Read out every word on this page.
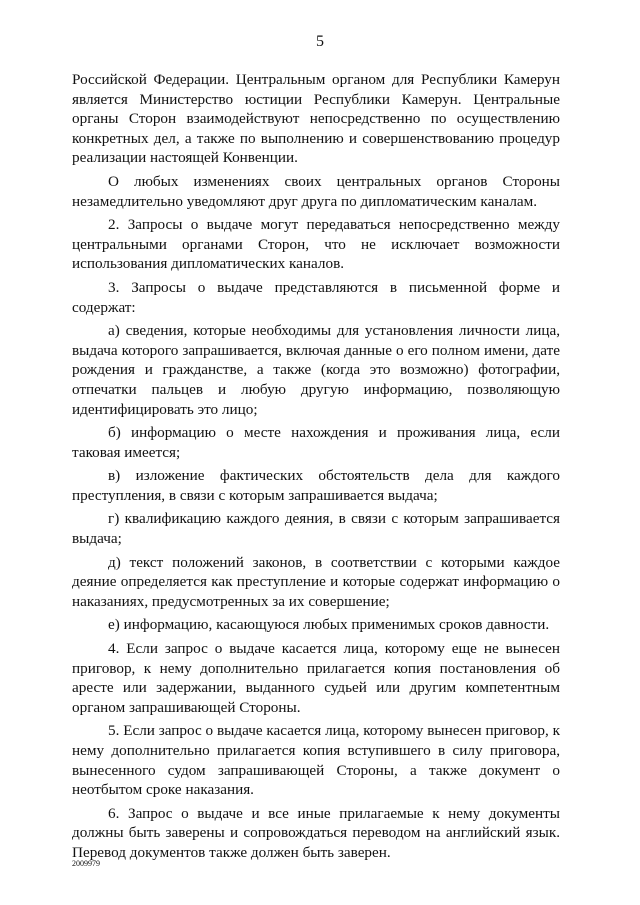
5

Российской Федерации. Центральным органом для Республики Камерун является Министерство юстиции Республики Камерун. Центральные органы Сторон взаимодействуют непосредственно по осуществлению конкретных дел, а также по выполнению и совершенствованию процедур реализации настоящей Конвенции.

О любых изменениях своих центральных органов Стороны незамедлительно уведомляют друг друга по дипломатическим каналам.

2. Запросы о выдаче могут передаваться непосредственно между центральными органами Сторон, что не исключает возможности использования дипломатических каналов.

3. Запросы о выдаче представляются в письменной форме и содержат:

а) сведения, которые необходимы для установления личности лица, выдача которого запрашивается, включая данные о его полном имени, дате рождения и гражданстве, а также (когда это возможно) фотографии, отпечатки пальцев и любую другую информацию, позволяющую идентифицировать это лицо;

б) информацию о месте нахождения и проживания лица, если таковая имеется;

в) изложение фактических обстоятельств дела для каждого преступления, в связи с которым запрашивается выдача;

г) квалификацию каждого деяния, в связи с которым запрашивается выдача;

д) текст положений законов, в соответствии с которыми каждое деяние определяется как преступление и которые содержат информацию о наказаниях, предусмотренных за их совершение;

е) информацию, касающуюся любых применимых сроков давности.

4. Если запрос о выдаче касается лица, которому еще не вынесен приговор, к нему дополнительно прилагается копия постановления об аресте или задержании, выданного судьей или другим компетентным органом запрашивающей Стороны.

5. Если запрос о выдаче касается лица, которому вынесен приговор, к нему дополнительно прилагается копия вступившего в силу приговора, вынесенного судом запрашивающей Стороны, а также документ о неотбытом сроке наказания.

6. Запрос о выдаче и все иные прилагаемые к нему документы должны быть заверены и сопровождаться переводом на английский язык. Перевод документов также должен быть заверен.

2009979
